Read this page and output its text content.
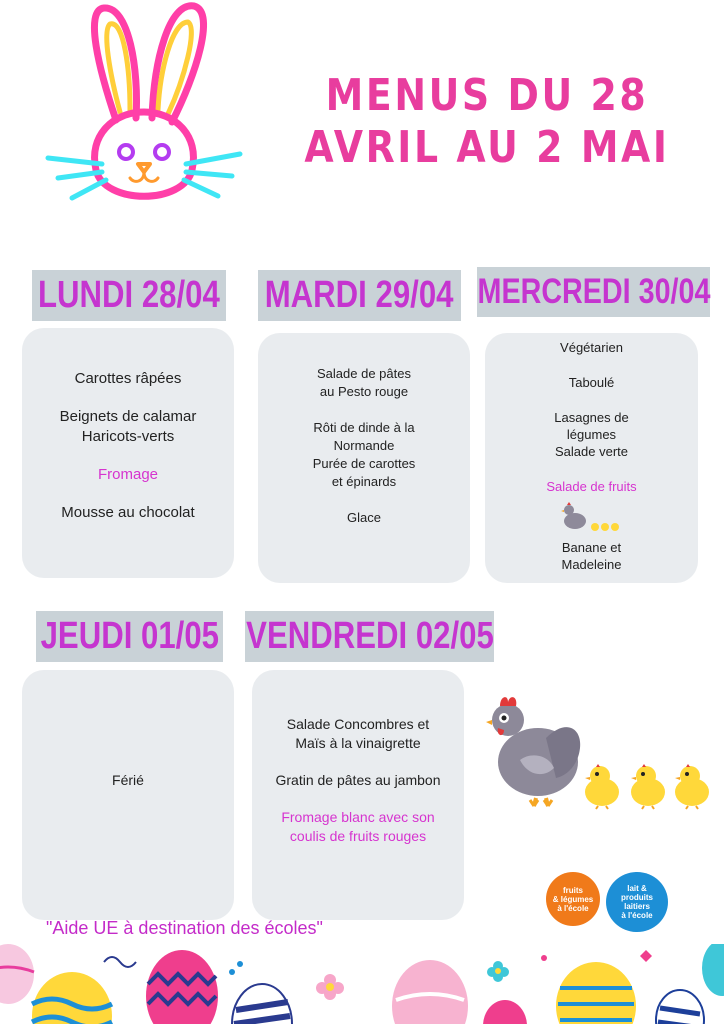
MENUS DU 28
AVRIL AU 2 MAI
LUNDI 28/04
Carottes râpées
Beignets de calamar
Haricots-verts
Fromage
Mousse au chocolat
MARDI 29/04
Salade de pâtes
au Pesto rouge
Rôti de dinde à la
Normande
Purée de carottes
et épinards
Glace
MERCREDI 30/04
Végétarien
Taboulé
Lasagnes de
légumes
Salade verte
Salade de fruits
Banane et
Madeleine
JEUDI 01/05
Férié
VENDREDI 02/05
Salade Concombres et
Maïs à la vinaigrette
Gratin de pâtes au jambon
Fromage blanc avec son
coulis de fruits rouges
fruits
& légumes
à l'école
lait &
produits
laitiers
à l'école
"Aide UE à destination des écoles"
